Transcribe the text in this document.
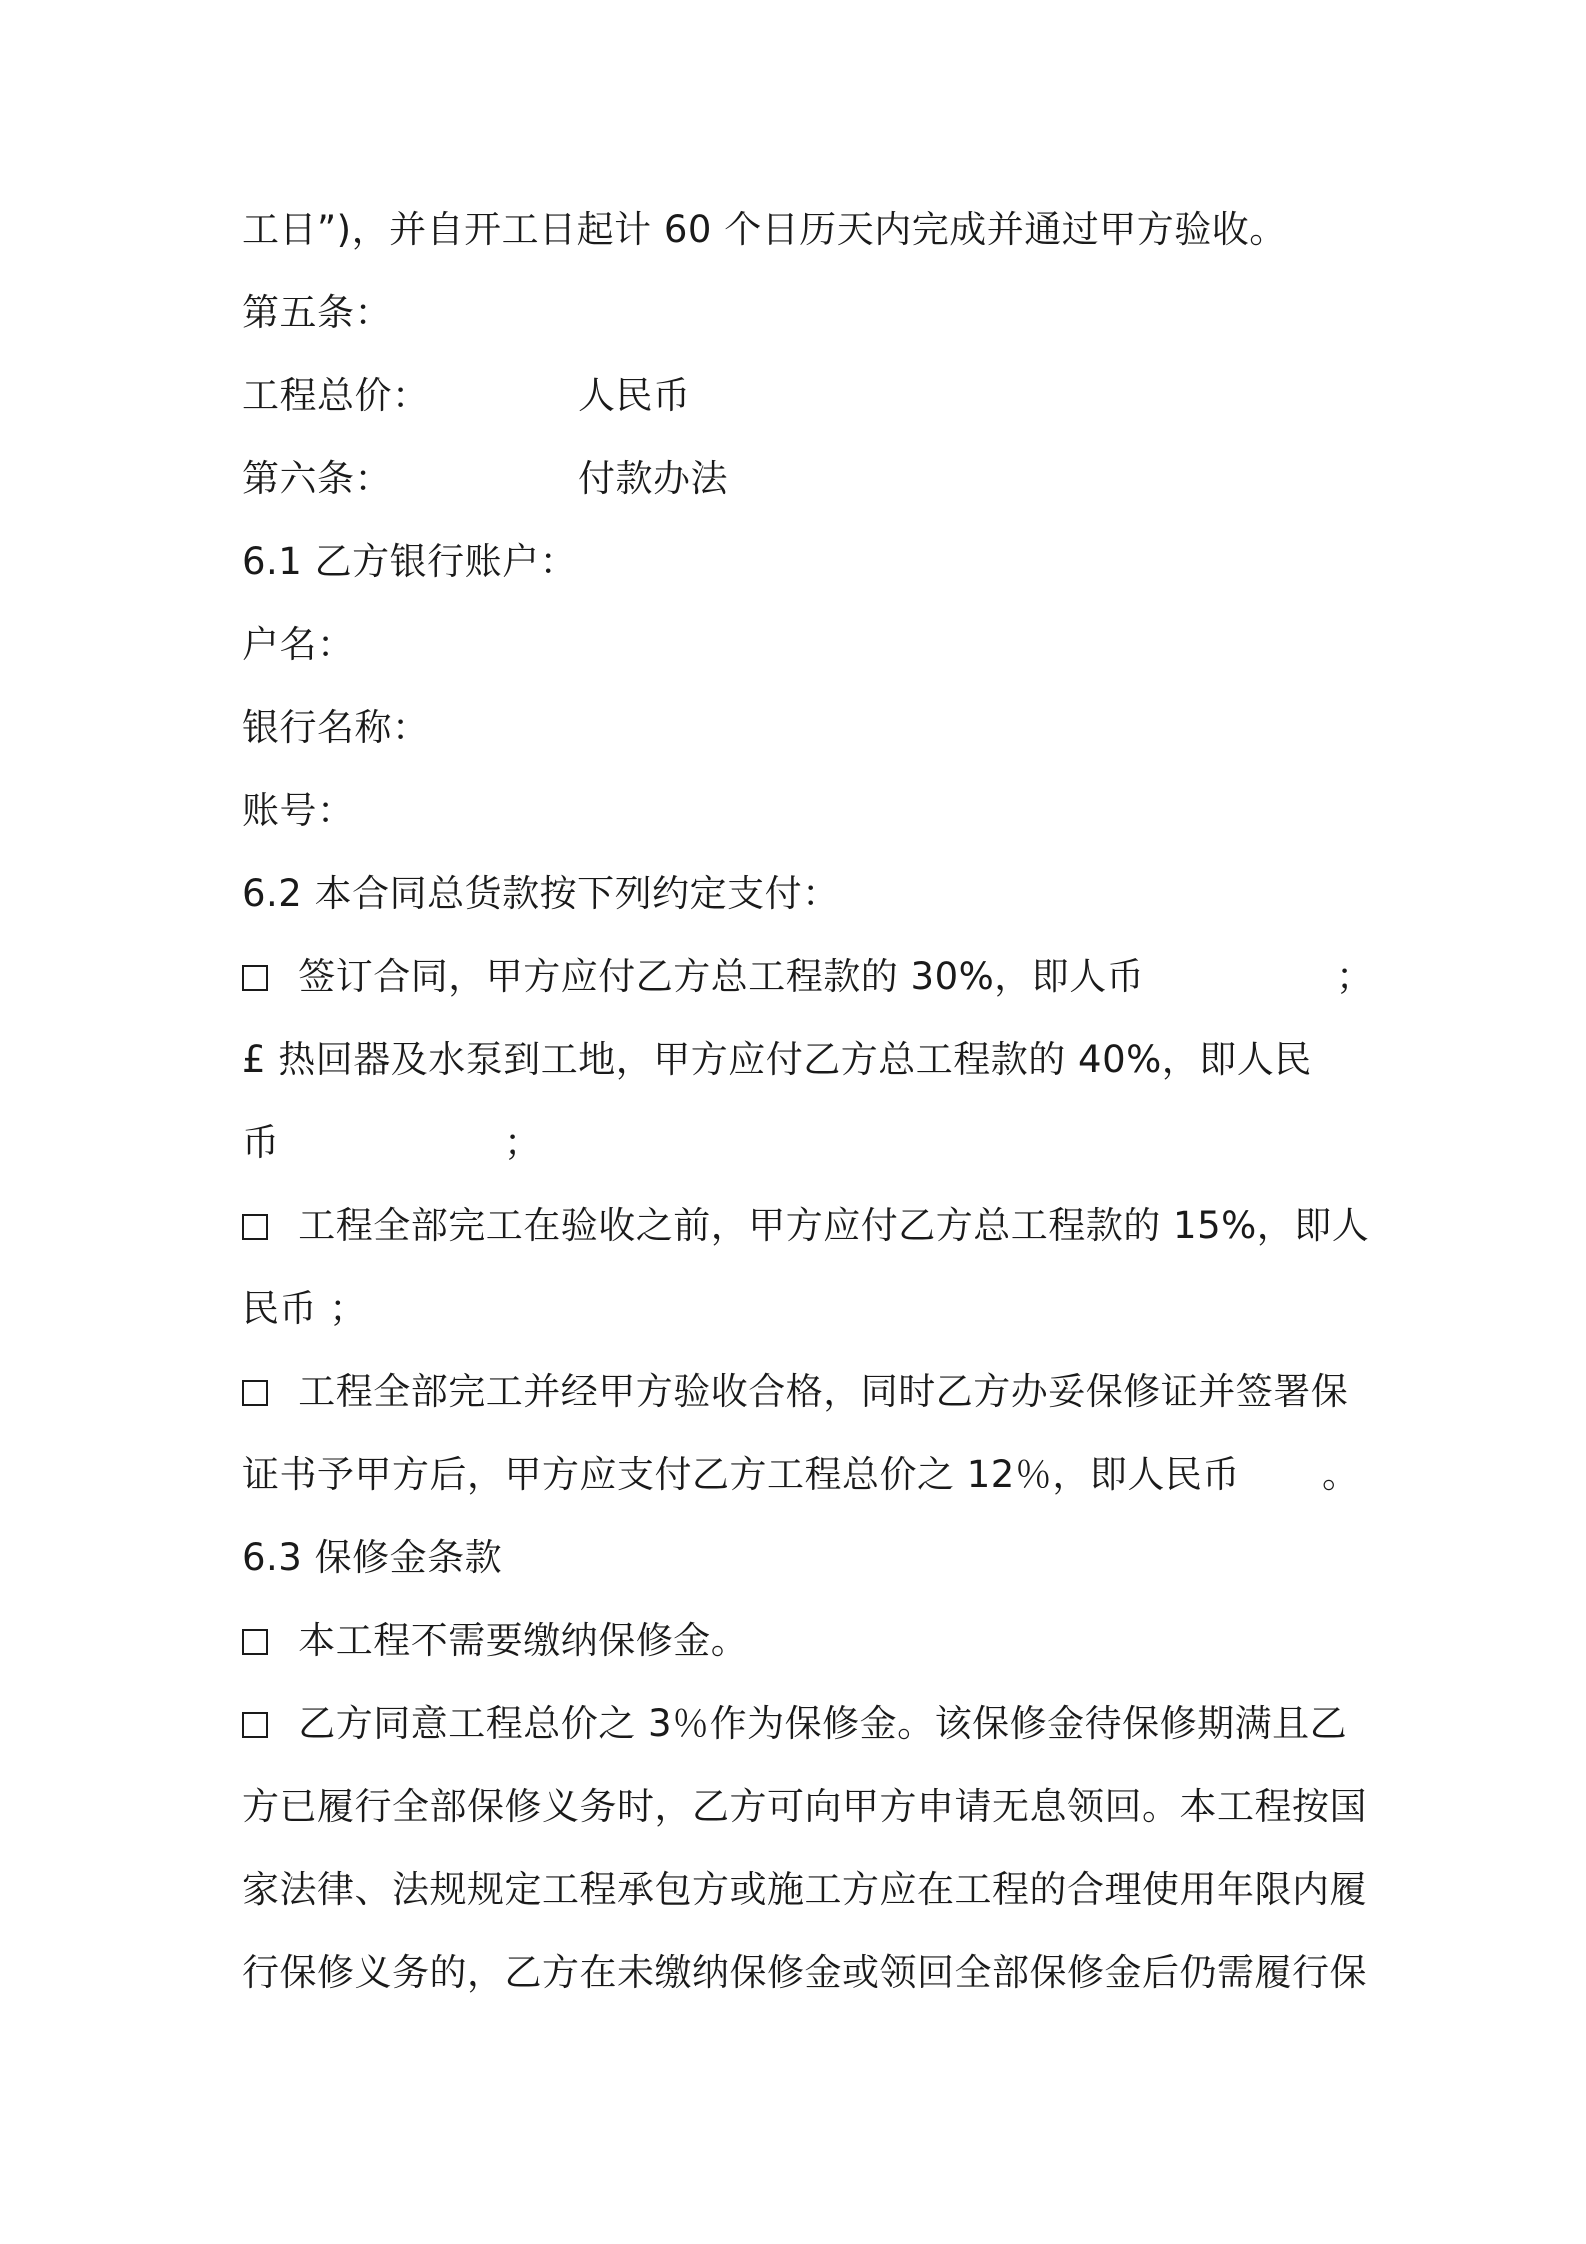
工日”)，并自开工日起计 60 个日历天内完成并通过甲方验收。
第五条：
工程总价：	人民币
第六条：	付款办法
6.1 乙方银行账户：
户名：
银行名称：
账号：
6.2 本合同总货款按下列约定支付：
签订合同，甲方应付乙方总工程款的 30%，即人币	；
£ 热回器及水泵到工地，甲方应付乙方总工程款的 40%，即人民
币	；
工程全部完工在验收之前，甲方应付乙方总工程款的 15%，即人
民币 ；
工程全部完工并经甲方验收合格，同时乙方办妥保修证并签署保
证书予甲方后，甲方应支付乙方工程总价之 12％，即人民币 。
6.3 保修金条款
本工程不需要缴纳保修金。
乙方同意工程总价之 3％作为保修金。该保修金待保修期满且乙
方已履行全部保修义务时，乙方可向甲方申请无息领回。本工程按国
家法律、法规规定工程承包方或施工方应在工程的合理使用年限内履
行保修义务的，乙方在未缴纳保修金或领回全部保修金后仍需履行保
